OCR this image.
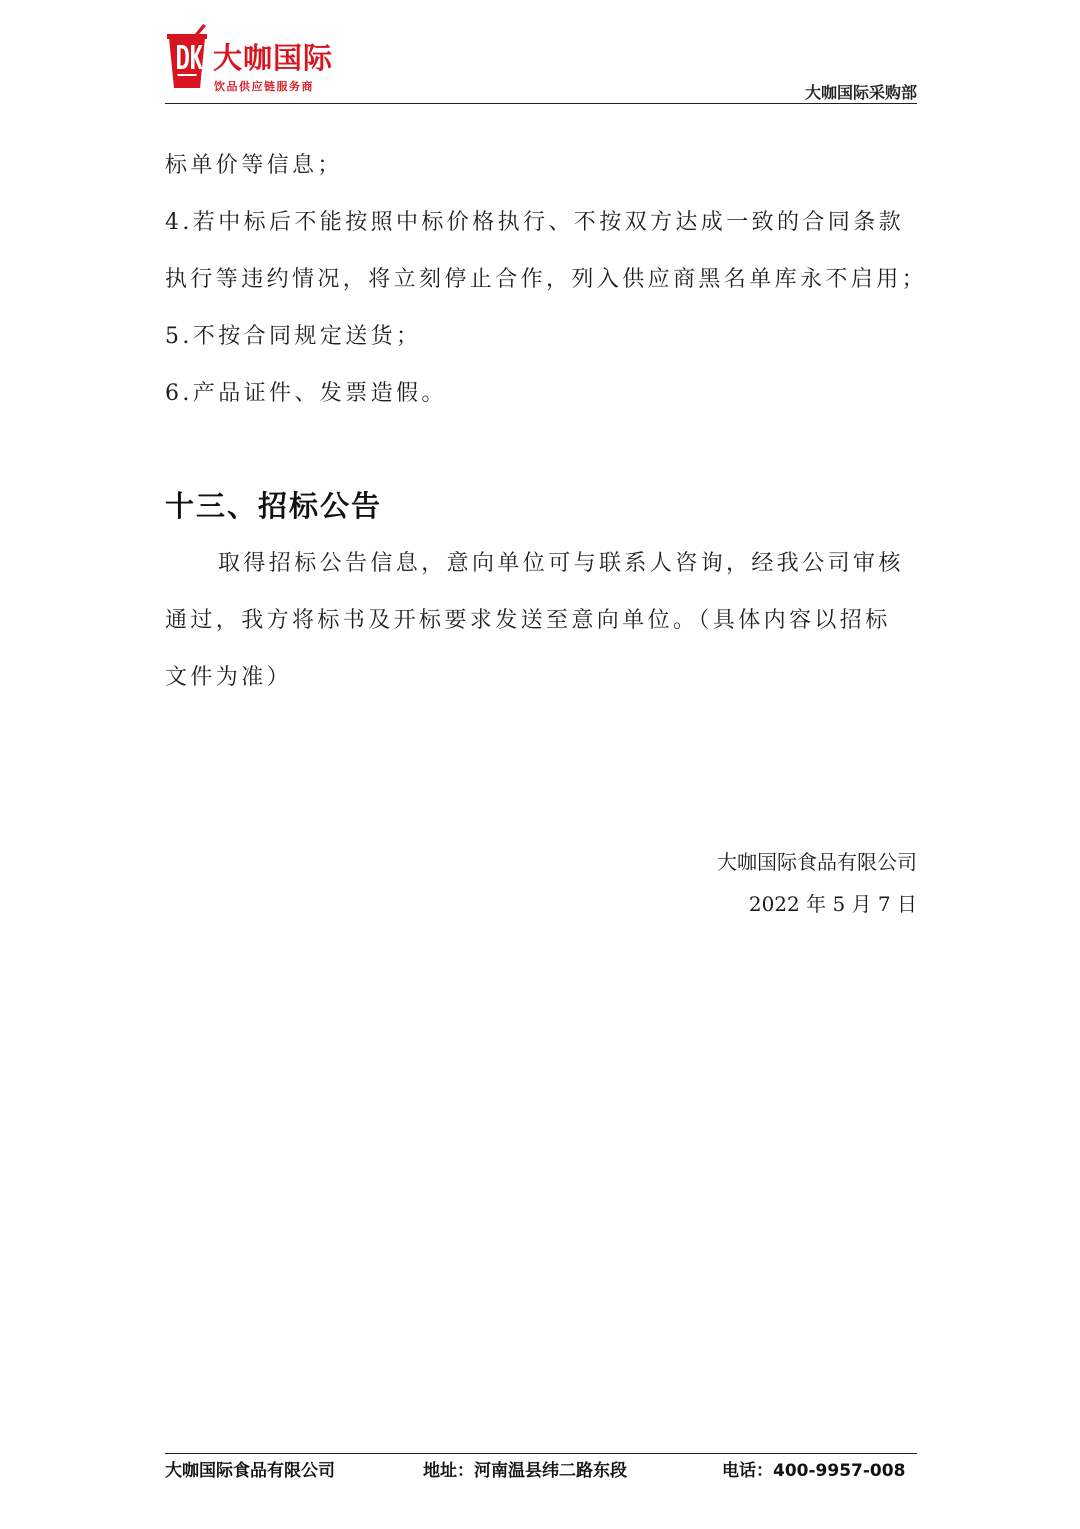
大咖国际
饮品供应链服务商	大咖国际采购部
标单价等信息；
4.若中标后不能按照中标价格执行、不按双方达成一致的合同条款
执行等违约情况，将立刻停止合作，列入供应商黑名单库永不启用；
5.不按合同规定送货；
6.产品证件、发票造假。
十三、招标公告
取得招标公告信息，意向单位可与联系人咨询，经我公司审核
通过，我方将标书及开标要求发送至意向单位。（具体内容以招标
文件为准）
大咖国际食品有限公司
2022 年 5 月 7 日
大咖国际食品有限公司	地址：河南温县纬二路东段	电话：400-9957-008
